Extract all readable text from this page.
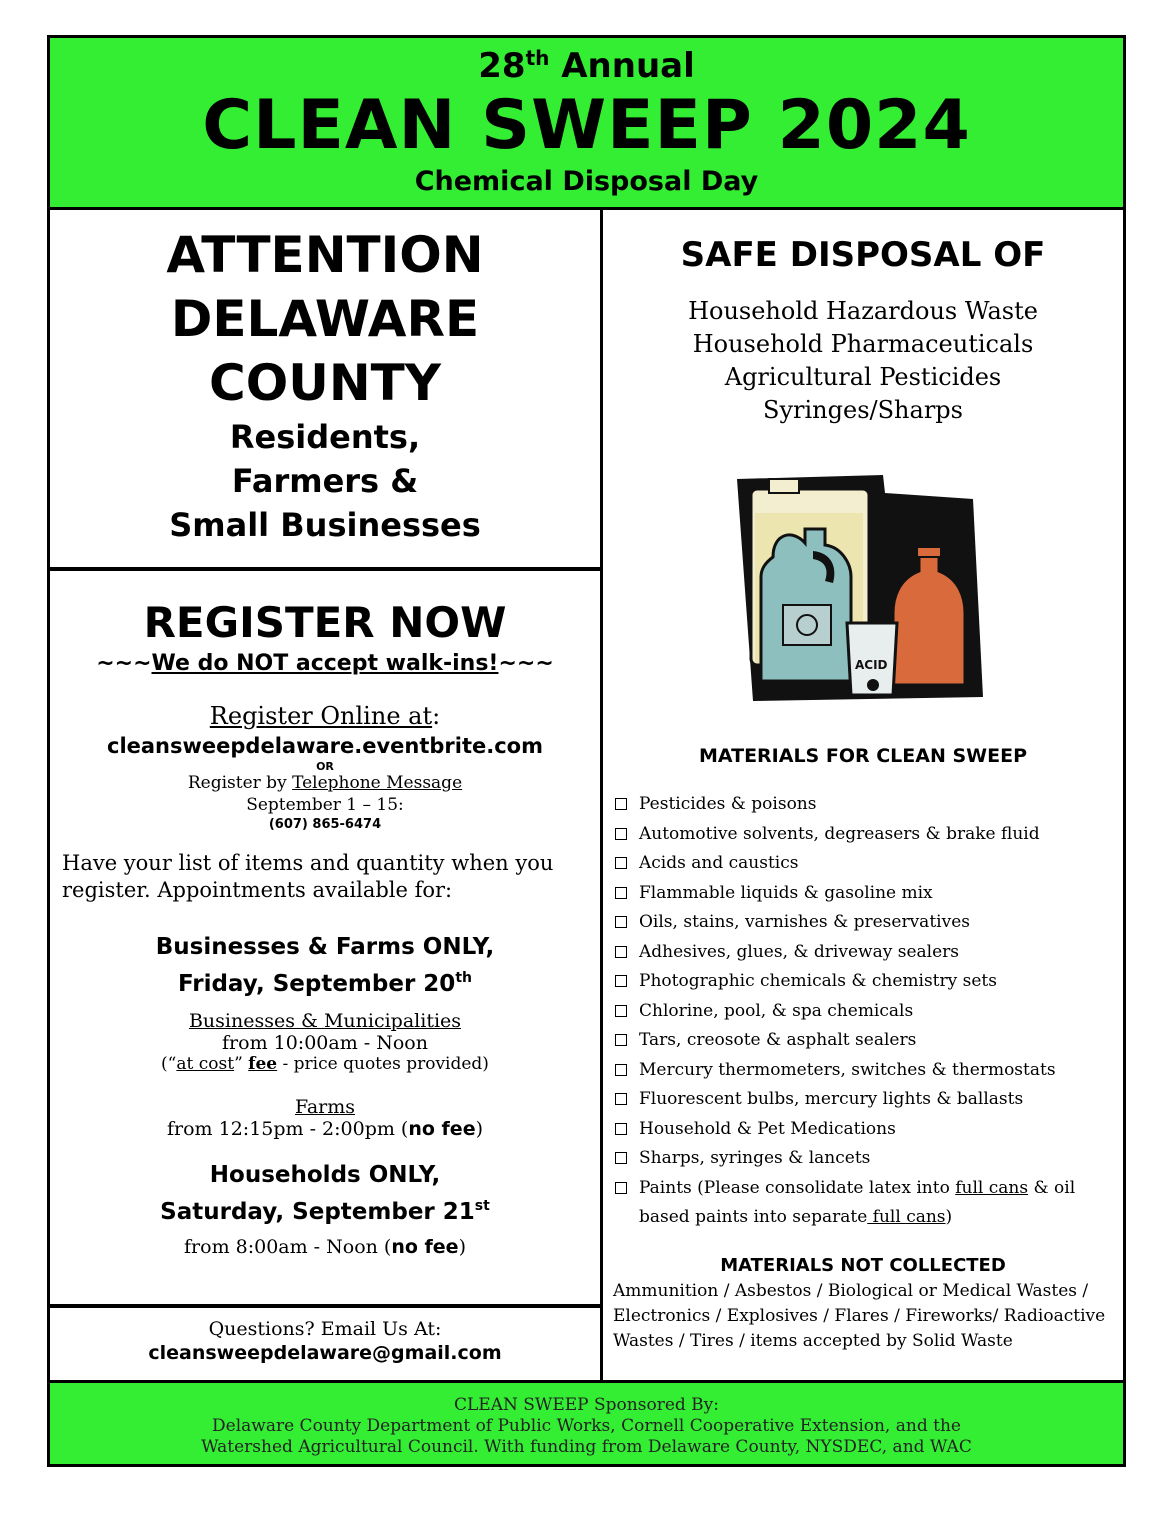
28th Annual
CLEAN SWEEP 2024
Chemical Disposal Day
ATTENTION
DELAWARE
COUNTY
Residents,
Farmers &
Small Businesses
REGISTER NOW
~~~We do NOT accept walk-ins!~~~
Register Online at:
cleansweepdelaware.eventbrite.com
OR
Register by Telephone Message
September 1 – 15:
(607) 865-6474
Have your list of items and quantity when you register. Appointments available for:
Businesses & Farms ONLY,
Friday, September 20th
Businesses & Municipalities
from 10:00am - Noon
(“at cost” fee - price quotes provided)
Farms
from 12:15pm - 2:00pm (no fee)
Households ONLY,
Saturday, September 21st
from 8:00am - Noon (no fee)
Questions? Email Us At:
cleansweepdelaware@gmail.com
SAFE DISPOSAL OF
Household Hazardous Waste
Household Pharmaceuticals
Agricultural Pesticides
Syringes/Sharps
ACID
MATERIALS FOR CLEAN SWEEP
Pesticides & poisons
Automotive solvents, degreasers & brake fluid
Acids and caustics
Flammable liquids & gasoline mix
Oils, stains, varnishes & preservatives
Adhesives, glues, & driveway sealers
Photographic chemicals & chemistry sets
Chlorine, pool, & spa chemicals
Tars, creosote & asphalt sealers
Mercury thermometers, switches & thermostats
Fluorescent bulbs, mercury lights & ballasts
Household & Pet Medications
Sharps, syringes & lancets
Paints (Please consolidate latex into full cans & oil based paints into separate full cans)
MATERIALS NOT COLLECTED
Ammunition / Asbestos / Biological or Medical Wastes / Electronics / Explosives / Flares / Fireworks/ Radioactive Wastes / Tires / items accepted by Solid Waste
CLEAN SWEEP Sponsored By:
Delaware County Department of Public Works, Cornell Cooperative Extension, and the
Watershed Agricultural Council. With funding from Delaware County, NYSDEC, and WAC
